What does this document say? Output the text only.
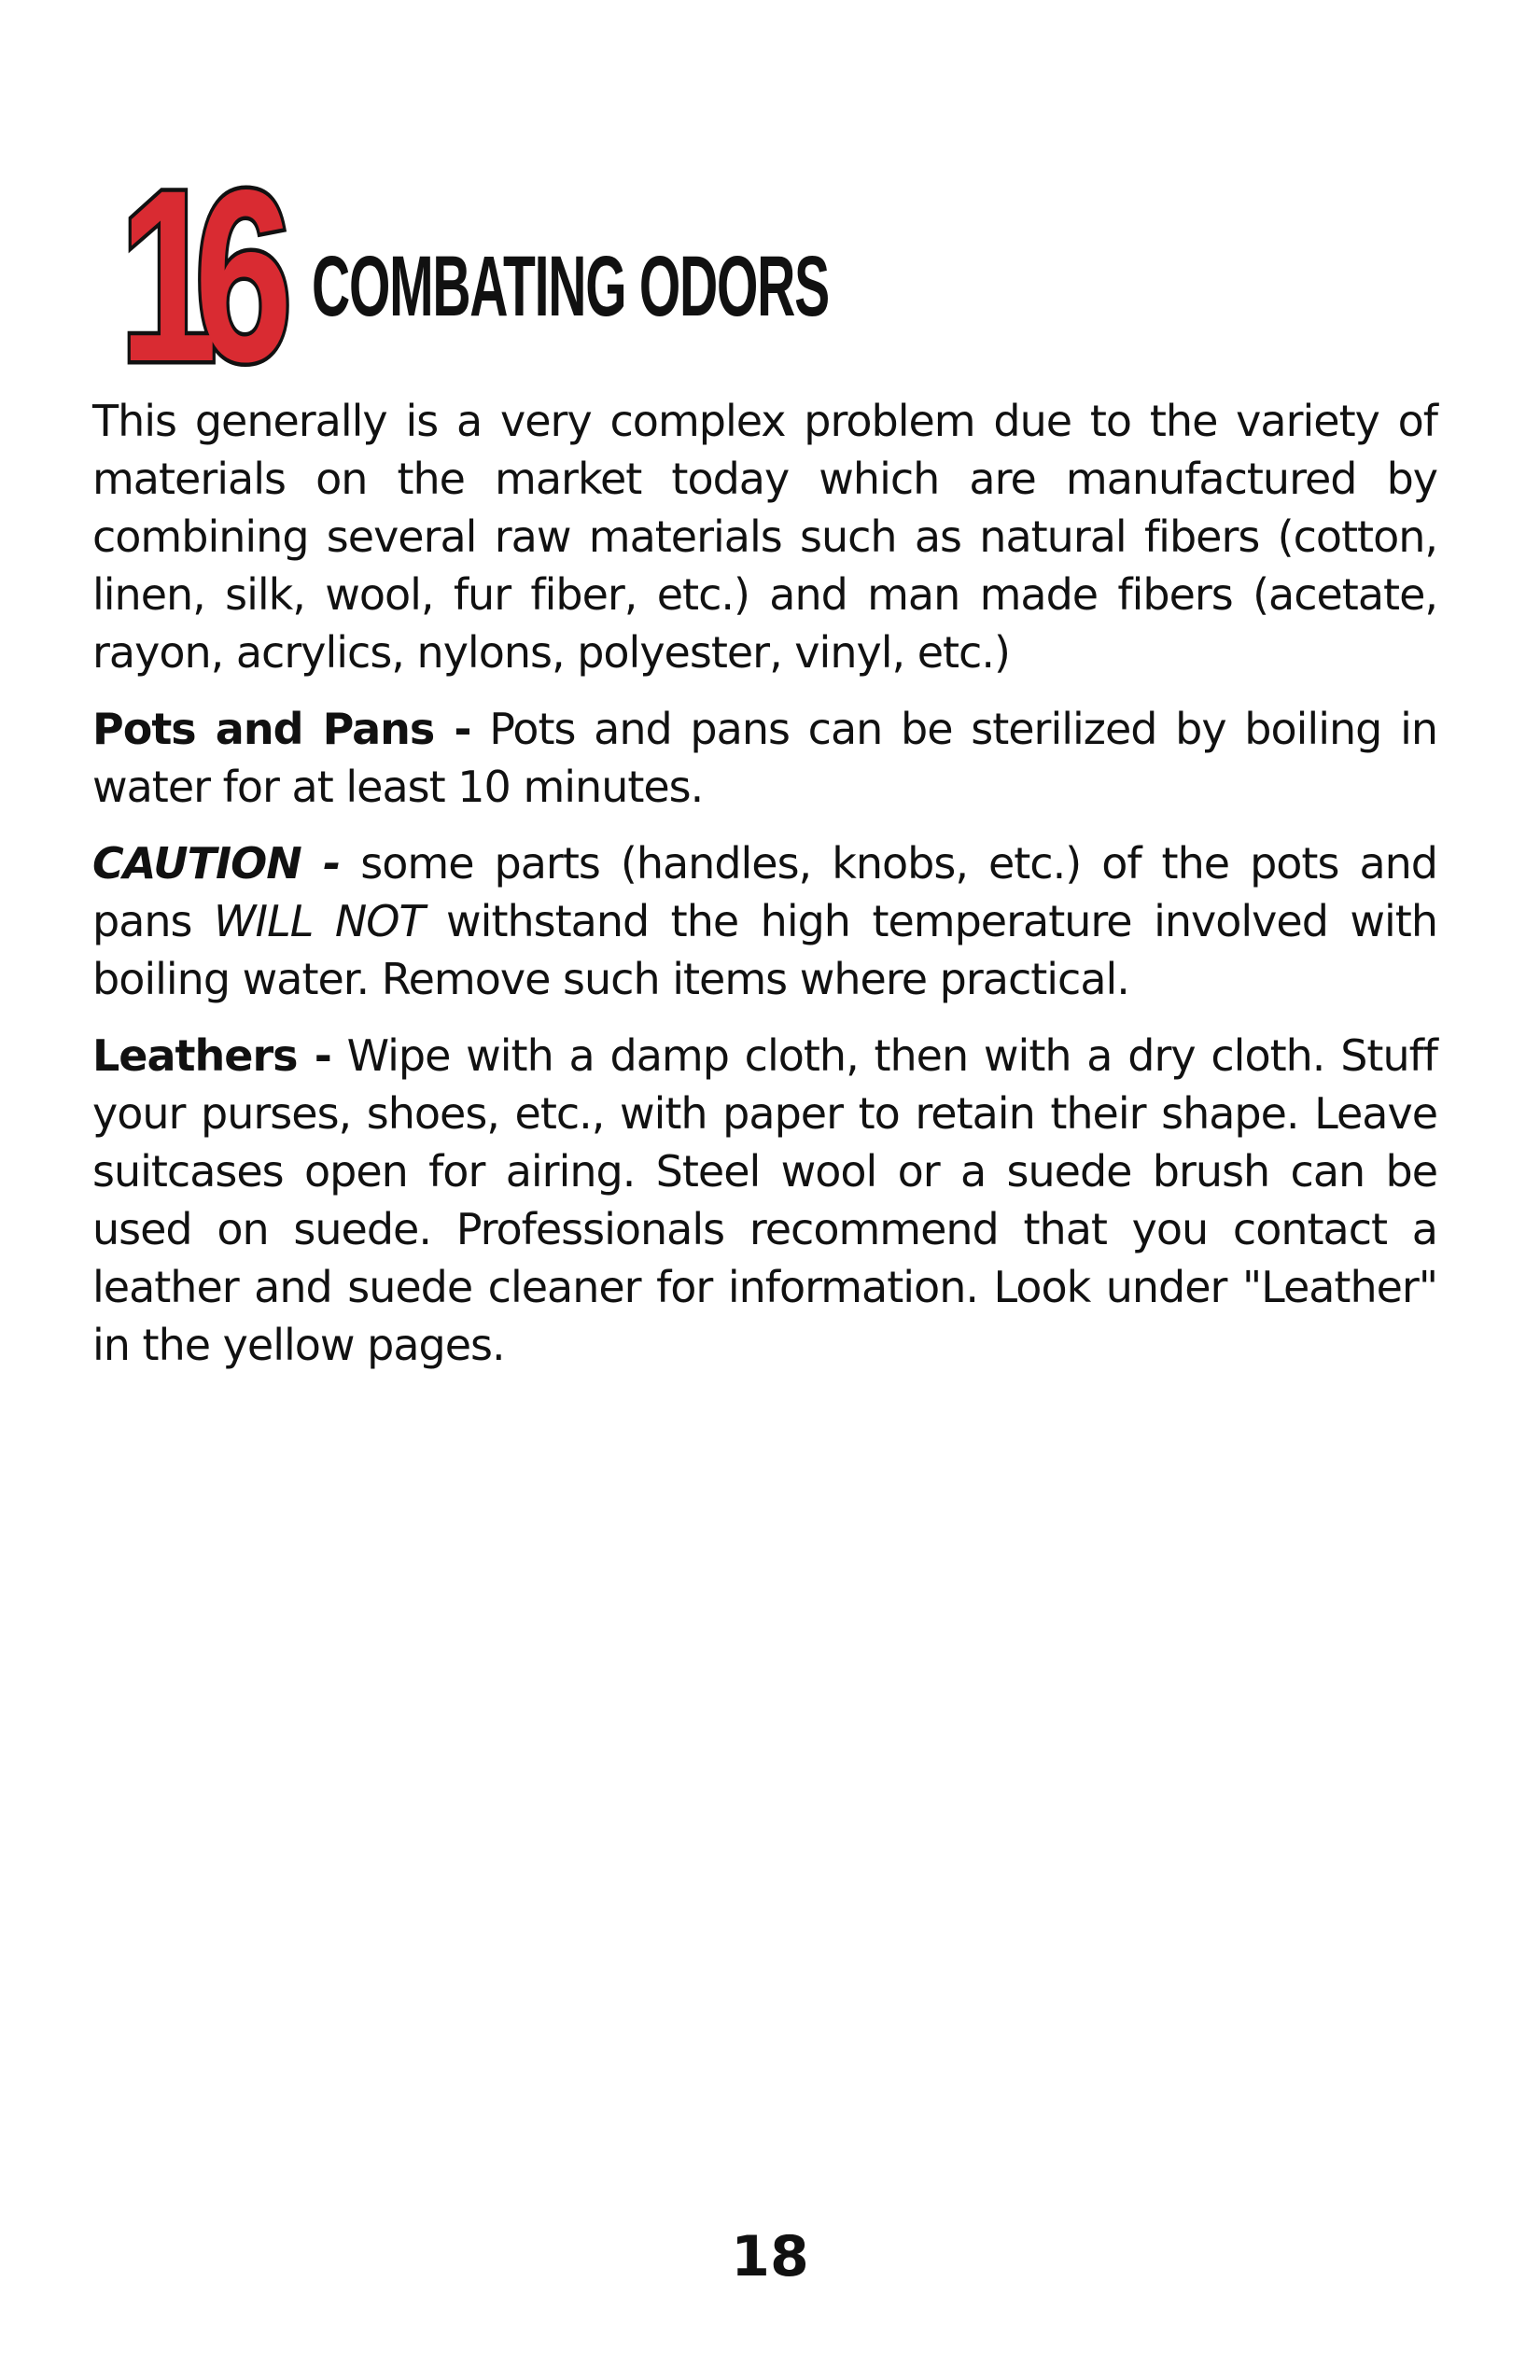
16 COMBATING ODORS

This generally is a very complex problem due to the variety of materials on the market today which are manufactured by combining several raw materials such as natural fibers (cotton, linen, silk, wool, fur fiber, etc.) and man made fibers (acetate, rayon, acrylics, nylons, polyester, vinyl, etc.)

Pots and Pans - Pots and pans can be sterilized by boiling in water for at least 10 minutes.

CAUTION - some parts (handles, knobs, etc.) of the pots and pans WILL NOT withstand the high temperature involved with boiling water. Remove such items where practical.

Leathers - Wipe with a damp cloth, then with a dry cloth. Stuff your purses, shoes, etc., with paper to retain their shape. Leave suitcases open for airing. Steel wool or a suede brush can be used on suede. Professionals recommend that you contact a leather and suede cleaner for information. Look under "Leather" in the yellow pages.

18
